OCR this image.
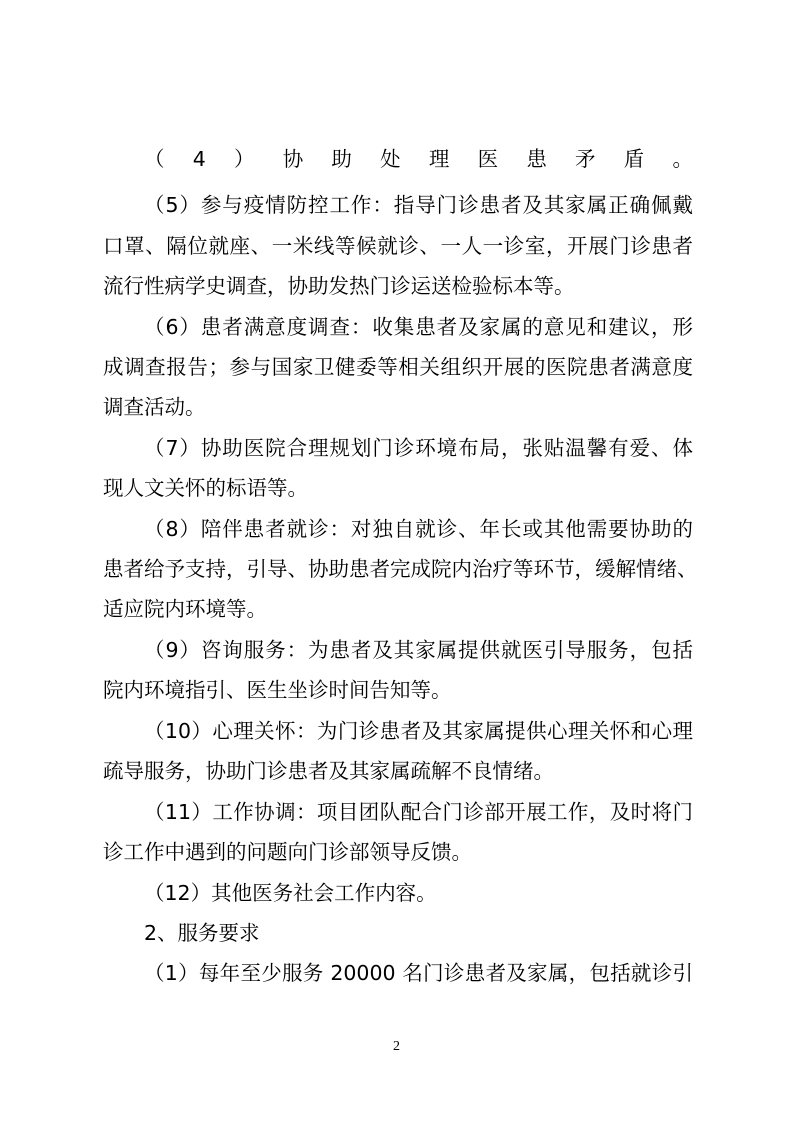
（4）协助处理医患矛盾。
（5）参与疫情防控工作：指导门诊患者及其家属正确佩戴
口罩、隔位就座、一米线等候就诊、一人一诊室，开展门诊患者
流行性病学史调查，协助发热门诊运送检验标本等。
（6）患者满意度调查：收集患者及家属的意见和建议，形
成调查报告；参与国家卫健委等相关组织开展的医院患者满意度
调查活动。
（7）协助医院合理规划门诊环境布局，张贴温馨有爱、体
现人文关怀的标语等。
（8）陪伴患者就诊：对独自就诊、年长或其他需要协助的
患者给予支持，引导、协助患者完成院内治疗等环节，缓解情绪、
适应院内环境等。
（9）咨询服务：为患者及其家属提供就医引导服务，包括
院内环境指引、医生坐诊时间告知等。
（10）心理关怀：为门诊患者及其家属提供心理关怀和心理
疏导服务，协助门诊患者及其家属疏解不良情绪。
（11）工作协调：项目团队配合门诊部开展工作，及时将门
诊工作中遇到的问题向门诊部领导反馈。
（12）其他医务社会工作内容。
2、服务要求
（1）每年至少服务 20000 名门诊患者及家属，包括就诊引
2
